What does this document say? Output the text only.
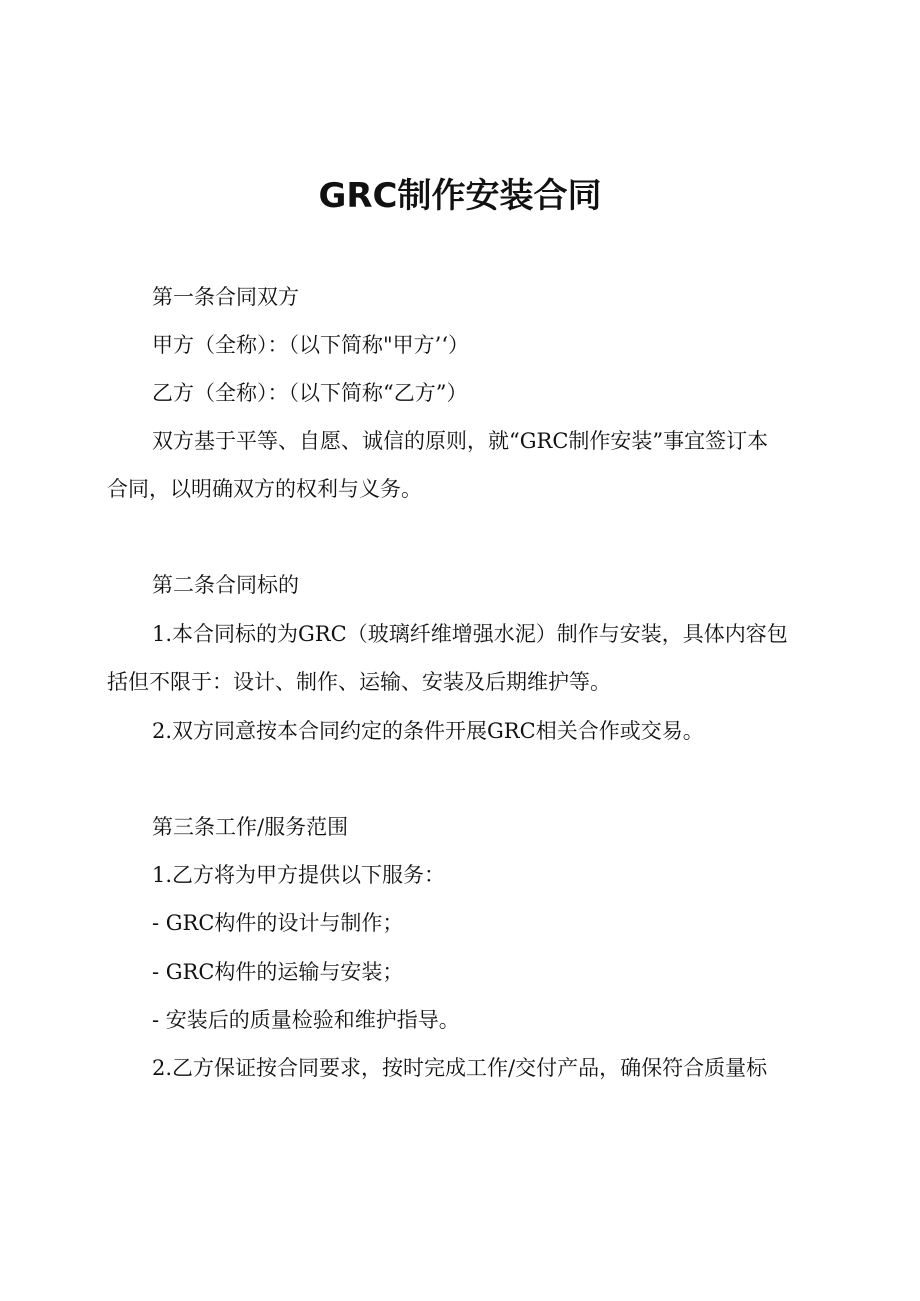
GRC制作安装合同
第一条合同双方
甲方（全称）：（以下简称"甲方’‘）
乙方（全称）：（以下简称“乙方”）
双方基于平等、自愿、诚信的原则，就“GRC制作安装”事宜签订本
合同，以明确双方的权利与义务。
第二条合同标的
1.本合同标的为GRC（玻璃纤维增强水泥）制作与安装，具体内容包
括但不限于：设计、制作、运输、安装及后期维护等。
2.双方同意按本合同约定的条件开展GRC相关合作或交易。
第三条工作/服务范围
1.乙方将为甲方提供以下服务：
- GRC构件的设计与制作；
- GRC构件的运输与安装；
- 安装后的质量检验和维护指导。
2.乙方保证按合同要求，按时完成工作/交付产品，确保符合质量标
